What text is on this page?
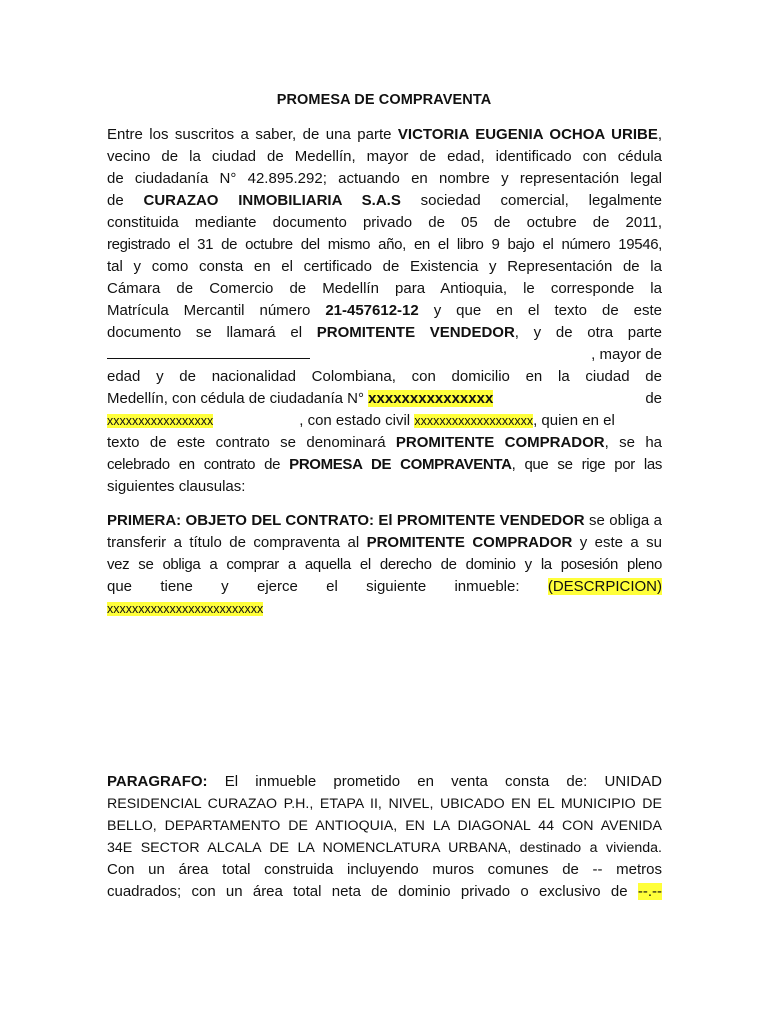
PROMESA DE COMPRAVENTA
Entre los suscritos a saber, de una parte VICTORIA EUGENIA OCHOA URIBE,
vecino de la ciudad de Medellín, mayor de edad, identificado con cédula
de ciudadanía N° 42.895.292; actuando en nombre y representación legal
de CURAZAO INMOBILIARIA S.A.S sociedad comercial, legalmente
constituida mediante documento privado de 05 de octubre de 2011,
registrado el 31 de octubre del mismo año, en el libro 9 bajo el número 19546,
tal y como consta en el certificado de Existencia y Representación de la
Cámara de Comercio de Medellín para Antioquia, le corresponde la
Matrícula Mercantil número 21-457612-12 y que en el texto de este
documento se llamará el PROMITENTE VENDEDOR, y de otra parte
, mayor de
edad y de nacionalidad Colombiana, con domicilio en la ciudad de
Medellín, con cédula de ciudadanía N° xxxxxxxxxxxxxxx	de
xxxxxxxxxxxxxxxxx	, con estado civil xxxxxxxxxxxxxxxxxxx, quien en el
texto de este contrato se denominará PROMITENTE COMPRADOR, se ha
celebrado en contrato de PROMESA DE COMPRAVENTA, que se rige por las
siguientes clausulas:
PRIMERA: OBJETO DEL CONTRATO: El PROMITENTE VENDEDOR se obliga a
transferir a título de compraventa al PROMITENTE COMPRADOR y este a su
vez se obliga a comprar a aquella el derecho de dominio y la posesión pleno
que tiene y ejerce el siguiente inmueble: (DESCRPICION)
xxxxxxxxxxxxxxxxxxxxxxxxx
PARAGRAFO: El inmueble prometido en venta consta de: UNIDAD
RESIDENCIAL CURAZAO P.H., ETAPA II, NIVEL, UBICADO EN EL MUNICIPIO DE
BELLO, DEPARTAMENTO DE ANTIOQUIA, EN LA DIAGONAL 44 CON AVENIDA
34E SECTOR ALCALA DE LA NOMENCLATURA URBANA, destinado a vivienda.
Con un área total construida incluyendo muros comunes de -- metros
cuadrados; con un área total neta de dominio privado o exclusivo de --.--
